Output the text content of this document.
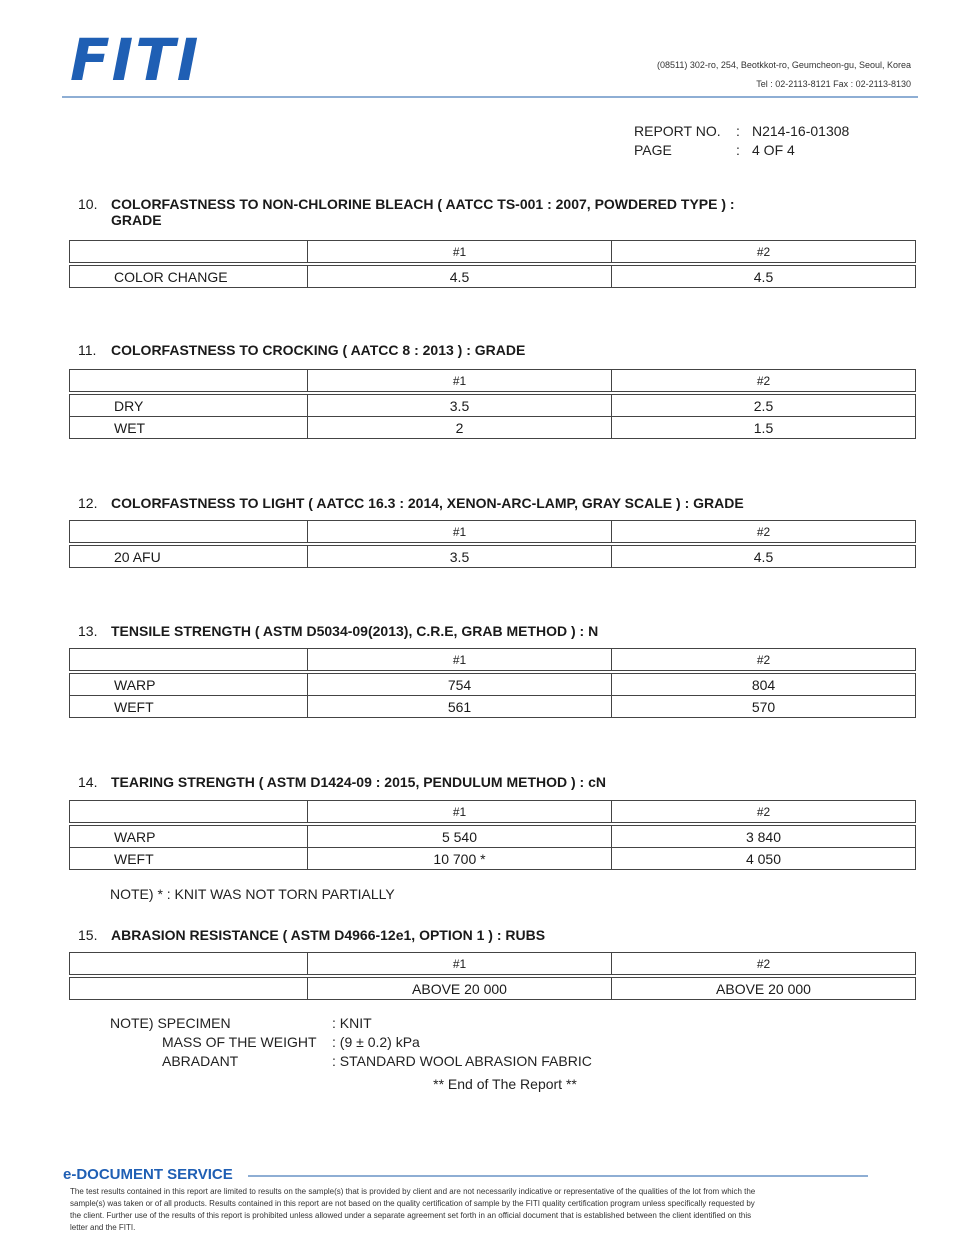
FITI	(08511) 302-ro, 254, Beotkkot-ro, Geumcheon-gu, Seoul, Korea
Tel : 02-2113-8121 Fax : 02-2113-8130
REPORT NO.	: N214-16-01308
PAGE	: 4 OF 4
10. COLORFASTNESS TO NON-CHLORINE BLEACH ( AATCC TS-001 : 2007, POWDERED TYPE ) :
GRADE
	#1	#2
COLOR CHANGE	4.5	4.5
11. COLORFASTNESS TO CROCKING ( AATCC 8 : 2013 ) : GRADE
	#1	#2
DRY	3.5	2.5
WET	2	1.5
12. COLORFASTNESS TO LIGHT ( AATCC 16.3 : 2014, XENON-ARC-LAMP, GRAY SCALE ) : GRADE
	#1	#2
20 AFU	3.5	4.5
13. TENSILE STRENGTH ( ASTM D5034-09(2013), C.R.E, GRAB METHOD ) : N
	#1	#2
WARP	754	804
WEFT	561	570
14. TEARING STRENGTH ( ASTM D1424-09 : 2015, PENDULUM METHOD ) : cN
	#1	#2
WARP	5 540	3 840
WEFT	10 700 *	4 050
NOTE) * : KNIT WAS NOT TORN PARTIALLY
15. ABRASION RESISTANCE ( ASTM D4966-12e1, OPTION 1 ) : RUBS
	#1	#2
	ABOVE 20 000	ABOVE 20 000
NOTE) SPECIMEN	: KNIT
MASS OF THE WEIGHT	: (9 ± 0.2) kPa
ABRADANT	: STANDARD WOOL ABRASION FABRIC
** End of The Report **
e-DOCUMENT SERVICE
The test results contained in this report are limited to results on the sample(s) that is provided by client and are not necessarily indicative or representative of the qualities of the lot from which the sample(s) was taken or of all products. Results contained in this report are not based on the quality certification of sample by the FITI quality certification program unless specifically requested by the client. Further use of the results of this report is prohibited unless allowed under a separate agreement set forth in an official document that is established between the client identified on this letter and the FITI.
